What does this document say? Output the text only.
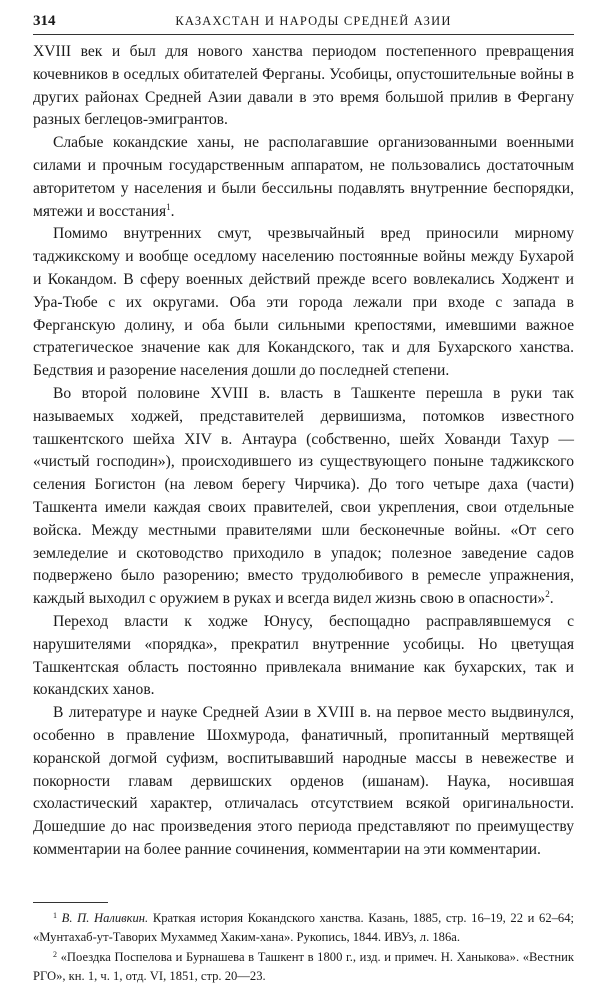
314	КАЗАХСТАН И НАРОДЫ СРЕДНЕЙ АЗИИ

XVIII век и был для нового ханства периодом постепенного превращения кочевников в оседлых обитателей Ферганы. Усобицы, опустошительные войны в других районах Средней Азии давали в это время большой прилив в Фергану разных беглецов-эмигрантов.

Слабые кокандские ханы, не располагавшие организованными военными силами и прочным государственным аппаратом, не пользовались достаточным авторитетом у населения и были бессильны подавлять внутренние беспорядки, мятежи и восстания$^1$.

Помимо внутренних смут, чрезвычайный вред приносили мирному таджикскому и вообще оседлому населению постоянные войны между Бухарой и Кокандом. В сферу военных действий прежде всего вовлекались Ходжент и Ура-Тюбе с их округами. Оба эти города лежали при входе с запада в Ферганскую долину, и оба были сильными крепостями, имевшими важное стратегическое значение как для Кокандского, так и для Бухарского ханства. Бедствия и разорение населения дошли до последней степени.

Во второй половине XVIII в. власть в Ташкенте перешла в руки так называемых ходжей, представителей дервишизма, потомков известного ташкентского шейха XIV в. Антаура (собственно, шейх Хованди Тахур — «чистый господин»), происходившего из существующего поныне таджикского селения Богистон (на левом берегу Чирчика). До того четыре даха (части) Ташкента имели каждая своих правителей, свои укрепления, свои отдельные войска. Между местными правителями шли бесконечные войны. «От сего земледелие и скотоводство приходило в упадок; полезное заведение садов подвержено было разорению; вместо трудолюбивого в ремесле упражнения, каждый выходил с оружием в руках и всегда видел жизнь свою в опасности»$^2$.

Переход власти к ходже Юнусу, беспощадно расправлявшемуся с нарушителями «порядка», прекратил внутренние усобицы. Но цветущая Ташкентская область постоянно привлекала внимание как бухарских, так и кокандских ханов.

В литературе и науке Средней Азии в XVIII в. на первое место выдвинулся, особенно в правление Шохмурода, фанатичный, пропитанный мертвящей коранской догмой суфизм, воспитывавший народные массы в невежестве и покорности главам дервишских орденов (ишанам). Наука, носившая схоластический характер, отличалась отсутствием всякой оригинальности. Дошедшие до нас произведения этого периода представляют по преимуществу комментарии на более ранние сочинения, комментарии на эти комментарии.

$^1$ В. П. Наливкин. Краткая история Кокандского ханства. Казань, 1885, стр. 16–19, 22 и 62–64; «Мунтахаб-ут-Таворих Мухаммед Хаким-хана». Рукопись, 1844. ИВУз, л. 186а.

$^2$ «Поездка Поспелова и Бурнашева в Ташкент в 1800 г., изд. и примеч. Н. Ханыкова». «Вестник РГО», кн. 1, ч. 1, отд. VI, 1851, стр. 20—23.
